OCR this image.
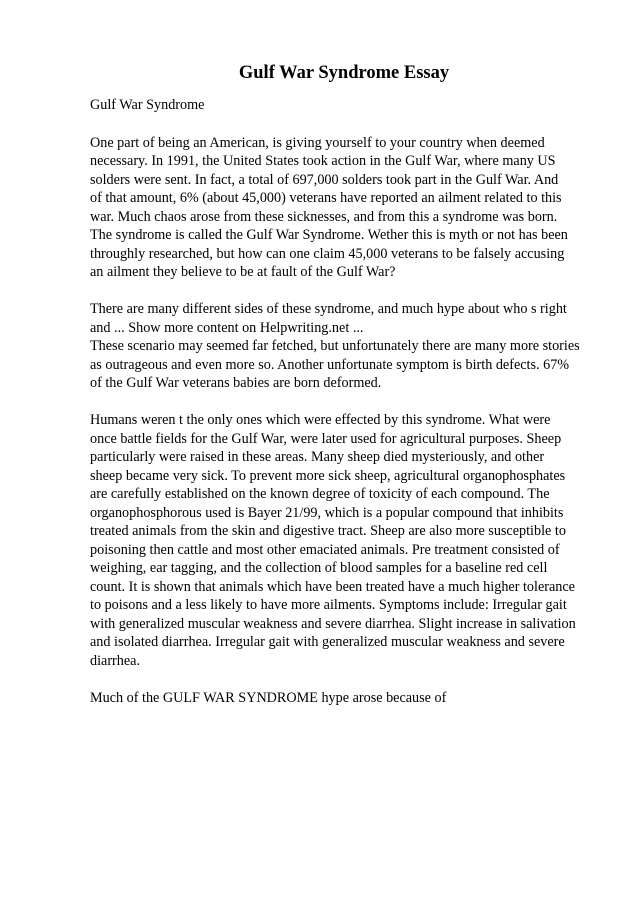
Gulf War Syndrome Essay
Gulf War Syndrome
One part of being an American, is giving yourself to your country when deemed
necessary. In 1991, the United States took action in the Gulf War, where many US
solders were sent. In fact, a total of 697,000 solders took part in the Gulf War. And
of that amount, 6% (about 45,000) veterans have reported an ailment related to this
war. Much chaos arose from these sicknesses, and from this a syndrome was born.
The syndrome is called the Gulf War Syndrome. Wether this is myth or not has been
throughly researched, but how can one claim 45,000 veterans to be falsely accusing
an ailment they believe to be at fault of the Gulf War?
There are many different sides of these syndrome, and much hype about who s right
and ... Show more content on Helpwriting.net ...
These scenario may seemed far fetched, but unfortunately there are many more stories
as outrageous and even more so. Another unfortunate symptom is birth defects. 67%
of the Gulf War veterans babies are born deformed.
Humans weren t the only ones which were effected by this syndrome. What were
once battle fields for the Gulf War, were later used for agricultural purposes. Sheep
particularly were raised in these areas. Many sheep died mysteriously, and other
sheep became very sick. To prevent more sick sheep, agricultural organophosphates
are carefully established on the known degree of toxicity of each compound. The
organophosphorous used is Bayer 21/99, which is a popular compound that inhibits
treated animals from the skin and digestive tract. Sheep are also more susceptible to
poisoning then cattle and most other emaciated animals. Pre treatment consisted of
weighing, ear tagging, and the collection of blood samples for a baseline red cell
count. It is shown that animals which have been treated have a much higher tolerance
to poisons and a less likely to have more ailments. Symptoms include: Irregular gait
with generalized muscular weakness and severe diarrhea. Slight increase in salivation
and isolated diarrhea. Irregular gait with generalized muscular weakness and severe
diarrhea.
Much of the GULF WAR SYNDROME hype arose because of
